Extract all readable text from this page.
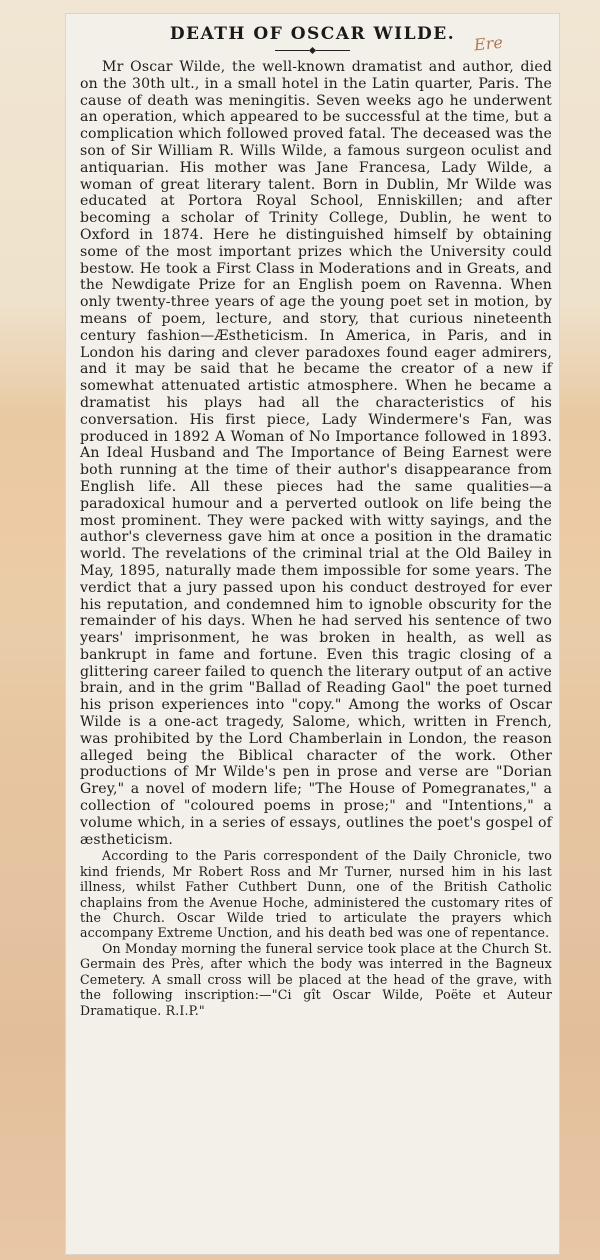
DEATH OF OSCAR WILDE.	Ere

Mr Oscar Wilde, the well-known dramatist and author, died on the 30th ult., in a small hotel in the Latin quarter, Paris. The cause of death was meningitis. Seven weeks ago he underwent an operation, which appeared to be successful at the time, but a complication which followed proved fatal. The deceased was the son of Sir William R. Wills Wilde, a famous surgeon oculist and antiquarian. His mother was Jane Francesa, Lady Wilde, a woman of great literary talent. Born in Dublin, Mr Wilde was educated at Portora Royal School, Enniskillen; and after becoming a scholar of Trinity College, Dublin, he went to Oxford in 1874. Here he distinguished himself by obtaining some of the most important prizes which the University could bestow. He took a First Class in Moderations and in Greats, and the Newdigate Prize for an English poem on Ravenna. When only twenty-three years of age the young poet set in motion, by means of poem, lecture, and story, that curious nineteenth century fashion—Æstheticism. In America, in Paris, and in London his daring and clever paradoxes found eager admirers, and it may be said that he became the creator of a new if somewhat attenuated artistic atmosphere. When he became a dramatist his plays had all the characteristics of his conversation. His first piece, Lady Windermere's Fan, was produced in 1892 A Woman of No Importance followed in 1893. An Ideal Husband and The Importance of Being Earnest were both running at the time of their author's disappearance from English life. All these pieces had the same qualities—a paradoxical humour and a perverted outlook on life being the most prominent. They were packed with witty sayings, and the author's cleverness gave him at once a position in the dramatic world. The revelations of the criminal trial at the Old Bailey in May, 1895, naturally made them impossible for some years. The verdict that a jury passed upon his conduct destroyed for ever his reputation, and condemned him to ignoble obscurity for the remainder of his days. When he had served his sentence of two years' imprisonment, he was broken in health, as well as bankrupt in fame and fortune. Even this tragic closing of a glittering career failed to quench the literary output of an active brain, and in the grim "Ballad of Reading Gaol" the poet turned his prison experiences into "copy." Among the works of Oscar Wilde is a one-act tragedy, Salome, which, written in French, was prohibited by the Lord Chamberlain in London, the reason alleged being the Biblical character of the work. Other productions of Mr Wilde's pen in prose and verse are "Dorian Grey," a novel of modern life; "The House of Pomegranates," a collection of "coloured poems in prose;" and "Intentions," a volume which, in a series of essays, outlines the poet's gospel of æstheticism.

According to the Paris correspondent of the Daily Chronicle, two kind friends, Mr Robert Ross and Mr Turner, nursed him in his last illness, whilst Father Cuthbert Dunn, one of the British Catholic chaplains from the Avenue Hoche, administered the customary rites of the Church. Oscar Wilde tried to articulate the prayers which accompany Extreme Unction, and his death bed was one of repentance.

On Monday morning the funeral service took place at the Church St. Germain des Près, after which the body was interred in the Bagneux Cemetery. A small cross will be placed at the head of the grave, with the following inscription:—"Ci gît Oscar Wilde, Poëte et Auteur Dramatique. R.I.P."
